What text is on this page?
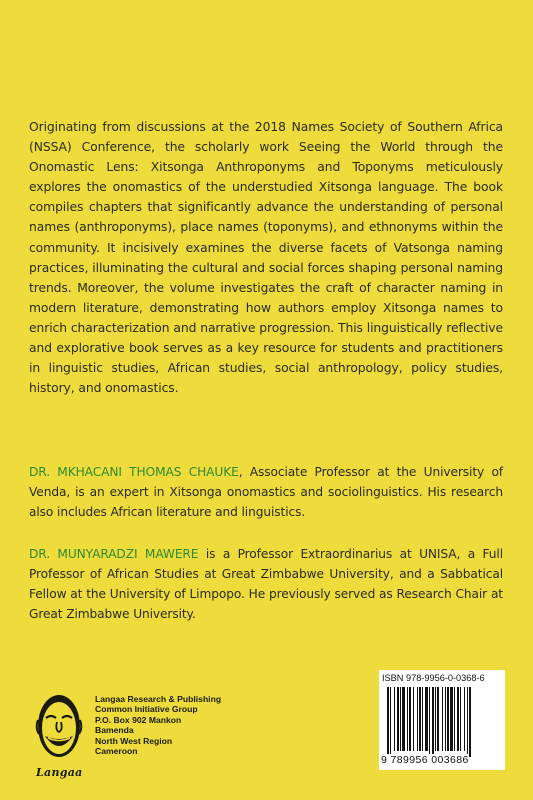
Originating from discussions at the 2018 Names Society of Southern Africa (NSSA) Conference, the scholarly work Seeing the World through the Onomastic Lens: Xitsonga Anthroponyms and Toponyms meticulously explores the onomastics of the understudied Xitsonga language. The book compiles chapters that significantly advance the understanding of personal names (anthroponyms), place names (toponyms), and ethnonyms within the community. It incisively examines the diverse facets of Vatsonga naming practices, illuminating the cultural and social forces shaping personal naming trends. Moreover, the volume investigates the craft of character naming in modern literature, demonstrating how authors employ Xitsonga names to enrich characterization and narrative progression. This linguistically reflective and explorative book serves as a key resource for students and practitioners in linguistic studies, African studies, social anthropology, policy studies, history, and onomastics.

DR. MKHACANI THOMAS CHAUKE, Associate Professor at the University of Venda, is an expert in Xitsonga onomastics and sociolinguistics. His research also includes African literature and linguistics.

DR. MUNYARADZI MAWERE is a Professor Extraordinarius at UNISA, a Full Professor of African Studies at Great Zimbabwe University, and a Sabbatical Fellow at the University of Limpopo. He previously served as Research Chair at Great Zimbabwe University.

Langaa
Langaa Research & Publishing
Common Initiative Group
P.O. Box 902 Mankon
Bamenda
North West Region
Cameroon
ISBN 978-9956-0-0368-6
9 789956 003686
